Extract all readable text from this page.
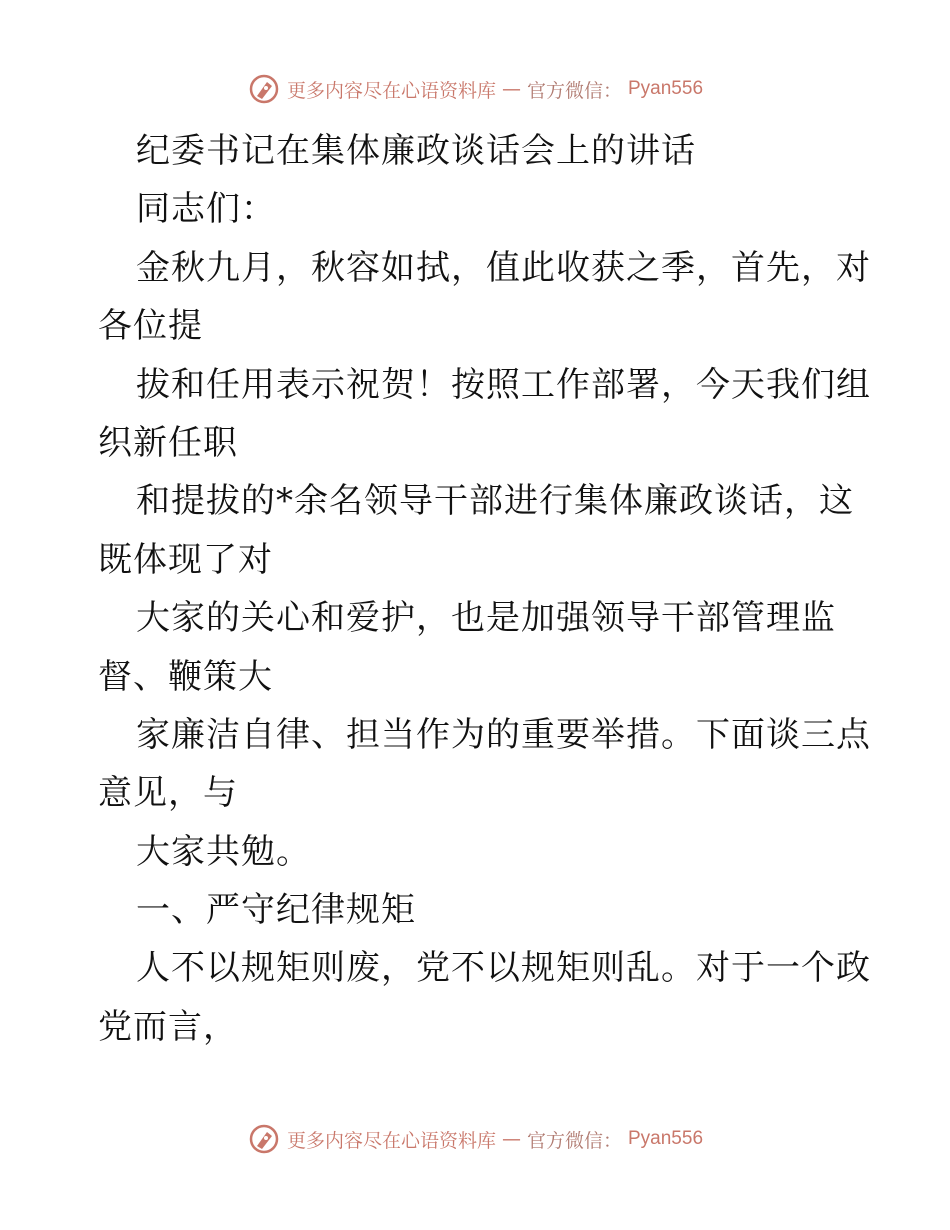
更多内容尽在心语资料库 — 官方微信： Pyan556
纪委书记在集体廉政谈话会上的讲话
同志们：
金秋九月，秋容如拭，值此收获之季，首先，对
各位提
拔和任用表示祝贺！按照工作部署，今天我们组
织新任职
和提拔的*余名领导干部进行集体廉政谈话，这
既体现了对
大家的关心和爱护，也是加强领导干部管理监
督、鞭策大
家廉洁自律、担当作为的重要举措。下面谈三点
意见，与
大家共勉。
一、严守纪律规矩
人不以规矩则废，党不以规矩则乱。对于一个政
党而言，
更多内容尽在心语资料库 — 官方微信： Pyan556
